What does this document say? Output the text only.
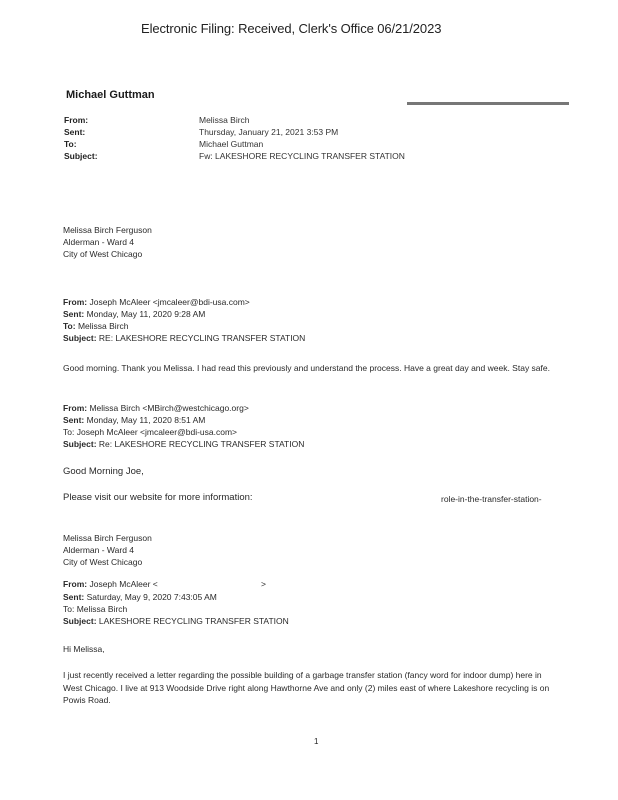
Electronic Filing: Received, Clerk's Office 06/21/2023
Michael Guttman
From:	Melissa Birch
Sent:	Thursday, January 21, 2021 3:53 PM
To:	Michael Guttman
Subject:	Fw: LAKESHORE RECYCLING TRANSFER STATION
Melissa Birch Ferguson
Alderman - Ward 4
City of West Chicago
From: Joseph McAleer <jmcaleer@bdi-usa.com>
Sent: Monday, May 11, 2020 9:28 AM
To: Melissa Birch
Subject: RE: LAKESHORE RECYCLING TRANSFER STATION
Good morning. Thank you Melissa. I had read this previously and understand the process. Have a great day and week. Stay safe.
From: Melissa Birch <MBirch@westchicago.org>
Sent: Monday, May 11, 2020 8:51 AM
To: Joseph McAleer <jmcaleer@bdi-usa.com>
Subject: Re: LAKESHORE RECYCLING TRANSFER STATION
Good Morning Joe,
Please visit our website for more information:	role-in-the-transfer-station-
Melissa Birch Ferguson
Alderman - Ward 4
City of West Chicago
From: Joseph McAleer <	>
Sent: Saturday, May 9, 2020 7:43:05 AM
To: Melissa Birch
Subject: LAKESHORE RECYCLING TRANSFER STATION
Hi Melissa,
I just recently received a letter regarding the possible building of a garbage transfer station (fancy word for indoor dump) here in West Chicago. I live at 913 Woodside Drive right along Hawthorne Ave and only (2) miles east of where Lakeshore recycling is on Powis Road.
1
